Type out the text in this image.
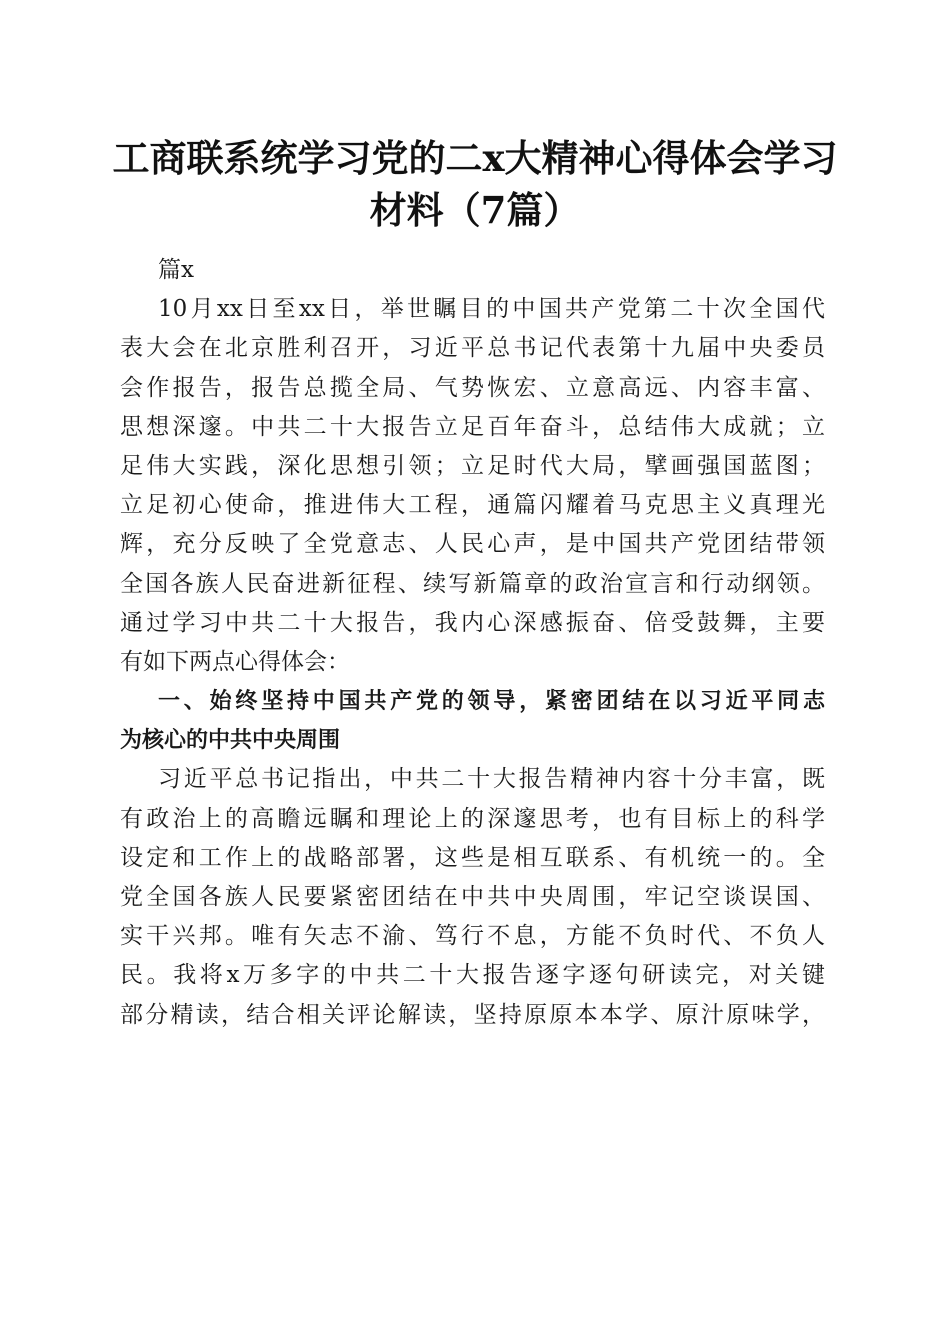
工商联系统学习党的二x大精神心得体会学习
材料（7篇）
篇x
10月xx日至xx日，举世瞩目的中国共产党第二十次全国代
表大会在北京胜利召开，习近平总书记代表第十九届中央委员
会作报告，报告总揽全局、气势恢宏、立意高远、内容丰富、
思想深邃。中共二十大报告立足百年奋斗，总结伟大成就；立
足伟大实践，深化思想引领；立足时代大局，擘画强国蓝图；
立足初心使命，推进伟大工程，通篇闪耀着马克思主义真理光
辉，充分反映了全党意志、人民心声，是中国共产党团结带领
全国各族人民奋进新征程、续写新篇章的政治宣言和行动纲领。
通过学习中共二十大报告，我内心深感振奋、倍受鼓舞，主要
有如下两点心得体会：
一、始终坚持中国共产党的领导，紧密团结在以习近平同志
为核心的中共中央周围
习近平总书记指出，中共二十大报告精神内容十分丰富，既
有政治上的高瞻远瞩和理论上的深邃思考，也有目标上的科学
设定和工作上的战略部署，这些是相互联系、有机统一的。全
党全国各族人民要紧密团结在中共中央周围，牢记空谈误国、
实干兴邦。唯有矢志不渝、笃行不息，方能不负时代、不负人
民。我将x万多字的中共二十大报告逐字逐句研读完，对关键
部分精读，结合相关评论解读，坚持原原本本学、原汁原味学，
